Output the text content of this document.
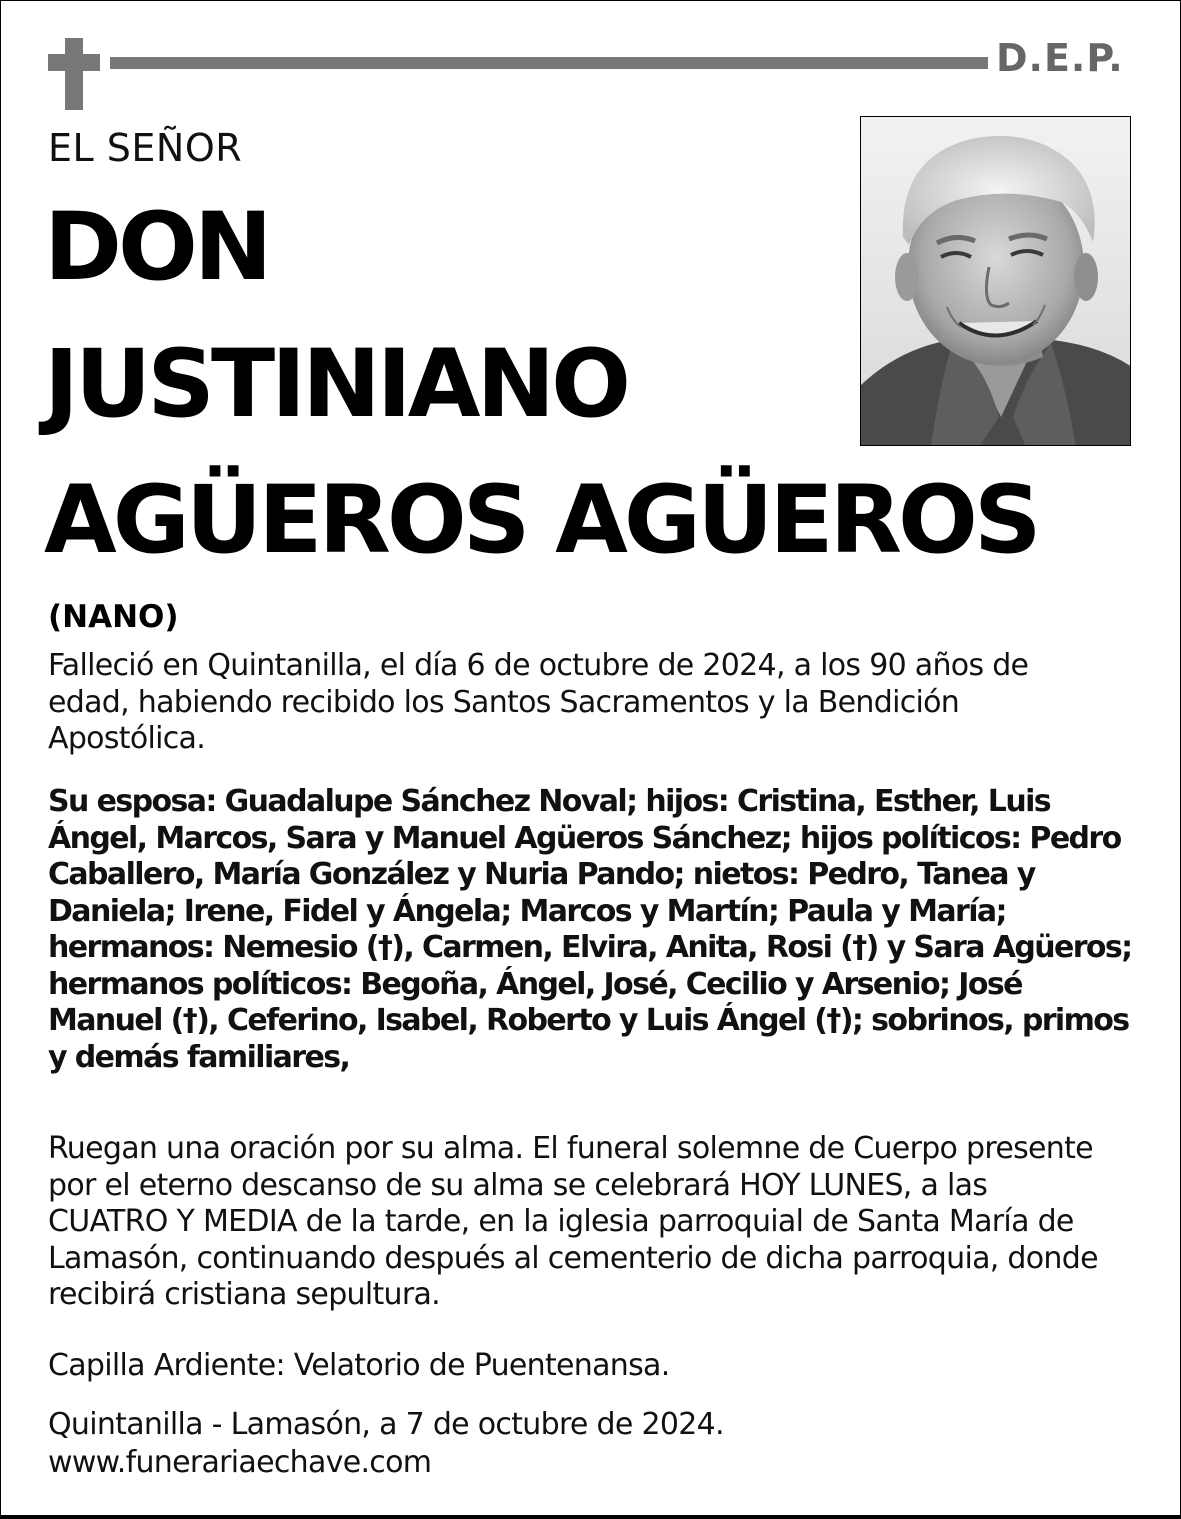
D.E.P.
EL SEÑOR
DON
JUSTINIANO
AGÜEROS AGÜEROS
(NANO)
Falleció en Quintanilla, el día 6 de octubre de 2024, a los 90 años de edad, habiendo recibido los Santos Sacramentos y la Bendición Apostólica.
Su esposa: Guadalupe Sánchez Noval; hijos: Cristina, Esther, Luis Ángel, Marcos, Sara y Manuel Agüeros Sánchez; hijos políticos: Pedro Caballero, María González y Nuria Pando; nietos: Pedro, Tanea y Daniela; Irene, Fidel y Ángela; Marcos y Martín; Paula y María; hermanos: Nemesio (†), Carmen, Elvira, Anita, Rosi (†) y Sara Agüeros; hermanos políticos: Begoña, Ángel, José, Cecilio y Arsenio; José Manuel (†), Ceferino, Isabel, Roberto y Luis Ángel (†); sobrinos, primos y demás familiares,
Ruegan una oración por su alma. El funeral solemne de Cuerpo presente por el eterno descanso de su alma se celebrará HOY LUNES, a las CUATRO Y MEDIA de la tarde, en la iglesia parroquial de Santa María de Lamasón, continuando después al cementerio de dicha parroquia, donde recibirá cristiana sepultura.
Capilla Ardiente: Velatorio de Puentenansa.
Quintanilla - Lamasón, a 7 de octubre de 2024.
www.funerariaechave.com
